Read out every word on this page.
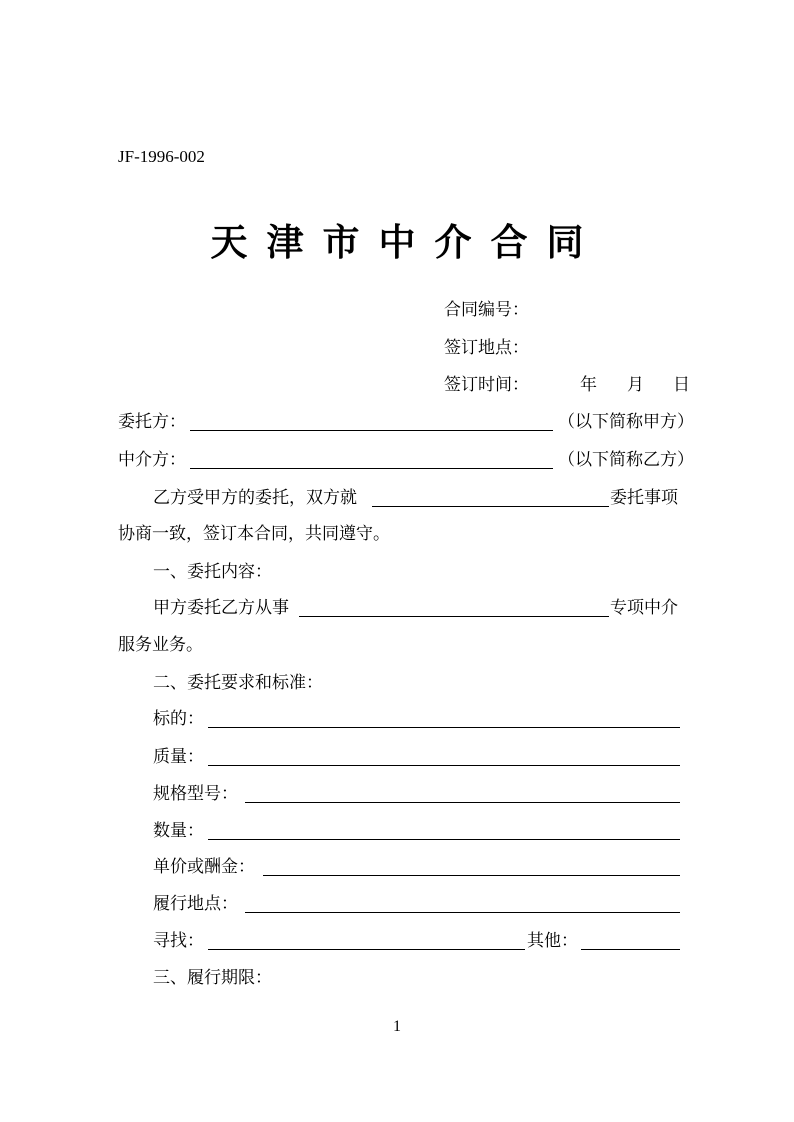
JF-1996-002
天津市中介合同
合同编号：
签订地点：
签订时间：	年 月 日
委托方：	（以下简称甲方）
中介方：	（以下简称乙方）
乙方受甲方的委托，双方就	委托事项
协商一致，签订本合同，共同遵守。
一、委托内容：
甲方委托乙方从事	专项中介
服务业务。
二、委托要求和标准：
标的：
质量：
规格型号：
数量：
单价或酬金：
履行地点：
寻找：	其他：
三、履行期限：
1
